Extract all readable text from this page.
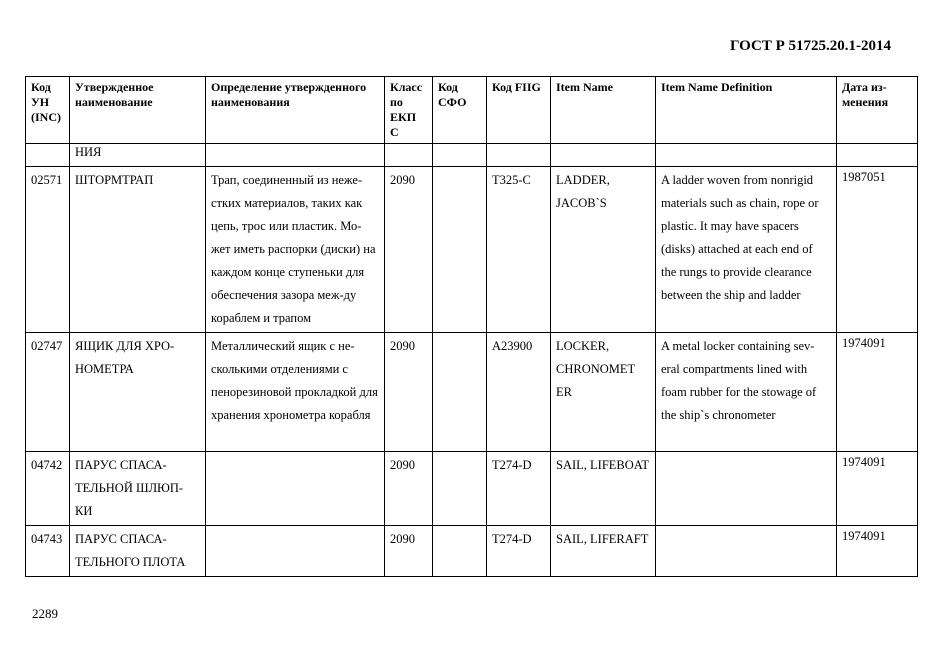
ГОСТ Р 51725.20.1-2014
Код УН (INC)	Утвержденное наименование	Определение утвержденного наименования	Класс по ЕКП С	Код СФО	Код FIIG	Item Name	Item Name Definition	Дата из-менения
	НИЯ							
02571	ШТОРМТРАП	Трап, соединенный из неже-стких материалов, таких как цепь, трос или пластик. Мо-жет иметь распорки (диски) на каждом конце ступеньки для обеспечения зазора меж-ду кораблем и трапом	2090		T325-C	LADDER, JACOB`S	A ladder woven from nonrigid materials such as chain, rope or plastic. It may have spacers (disks) attached at each end of the rungs to provide clearance between the ship and ladder	1987051
02747	ЯЩИК ДЛЯ ХРО-НОМЕТРА	Металлический ящик с не-сколькими отделениями с пенорезиновой прокладкой для хранения хронометра корабля	2090		A23900	LOCKER, CHRONOMET ER	A metal locker containing sev-eral compartments lined with foam rubber for the stowage of the ship`s chronometer	1974091
04742	ПАРУС СПАСА-ТЕЛЬНОЙ ШЛЮП-КИ		2090		T274-D	SAIL, LIFEBOAT		1974091
04743	ПАРУС СПАСА-ТЕЛЬНОГО ПЛОТА		2090		T274-D	SAIL, LIFERAFT		1974091
2289
